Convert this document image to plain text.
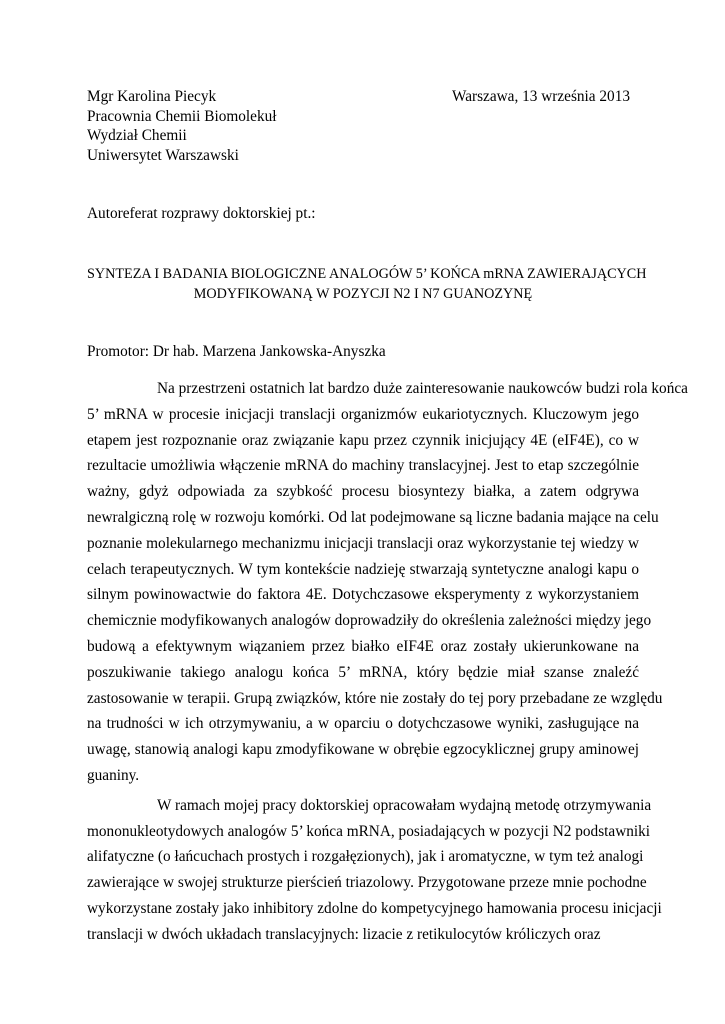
Mgr Karolina Piecyk
Pracownia Chemii Biomolekuł
Wydział Chemii
Uniwersytet Warszawski
Warszawa, 13 września 2013
Autoreferat rozprawy doktorskiej pt.:
SYNTEZA I BADANIA BIOLOGICZNE ANALOGÓW 5’ KOŃCA mRNA ZAWIERAJĄCYCH
MODYFIKOWANĄ W POZYCJI N2 I N7 GUANOZYNĘ
Promotor: Dr hab. Marzena Jankowska-Anyszka
Na przestrzeni ostatnich lat bardzo duże zainteresowanie naukowców budzi rola końca
5’ mRNA w procesie inicjacji translacji organizmów eukariotycznych. Kluczowym jego
etapem jest rozpoznanie oraz związanie kapu przez czynnik inicjujący 4E (eIF4E), co w
rezultacie umożliwia włączenie mRNA do machiny translacyjnej. Jest to etap szczególnie
ważny, gdyż odpowiada za szybkość procesu biosyntezy białka, a zatem odgrywa
newralgiczną rolę w rozwoju komórki. Od lat podejmowane są liczne badania mające na celu
poznanie molekularnego mechanizmu inicjacji translacji oraz wykorzystanie tej wiedzy w
celach terapeutycznych. W tym kontekście nadzieję stwarzają syntetyczne analogi kapu o
silnym powinowactwie do faktora 4E. Dotychczasowe eksperymenty z wykorzystaniem
chemicznie modyfikowanych analogów doprowadziły do określenia zależności między jego
budową a efektywnym wiązaniem przez białko eIF4E oraz zostały ukierunkowane na
poszukiwanie takiego analogu końca 5’ mRNA, który będzie miał szanse znaleźć
zastosowanie w terapii. Grupą związków, które nie zostały do tej pory przebadane ze względu
na trudności w ich otrzymywaniu, a w oparciu o dotychczasowe wyniki, zasługujące na
uwagę, stanowią analogi kapu zmodyfikowane w obrębie egzocyklicznej grupy aminowej
guaniny.
W ramach mojej pracy doktorskiej opracowałam wydajną metodę otrzymywania
mononukleotydowych analogów 5’ końca mRNA, posiadających w pozycji N2 podstawniki
alifatyczne (o łańcuchach prostych i rozgałęzionych), jak i aromatyczne, w tym też analogi
zawierające w swojej strukturze pierścień triazolowy. Przygotowane przeze mnie pochodne
wykorzystane zostały jako inhibitory zdolne do kompetycyjnego hamowania procesu inicjacji
translacji w dwóch układach translacyjnych: lizacie z retikulocytów króliczych oraz
